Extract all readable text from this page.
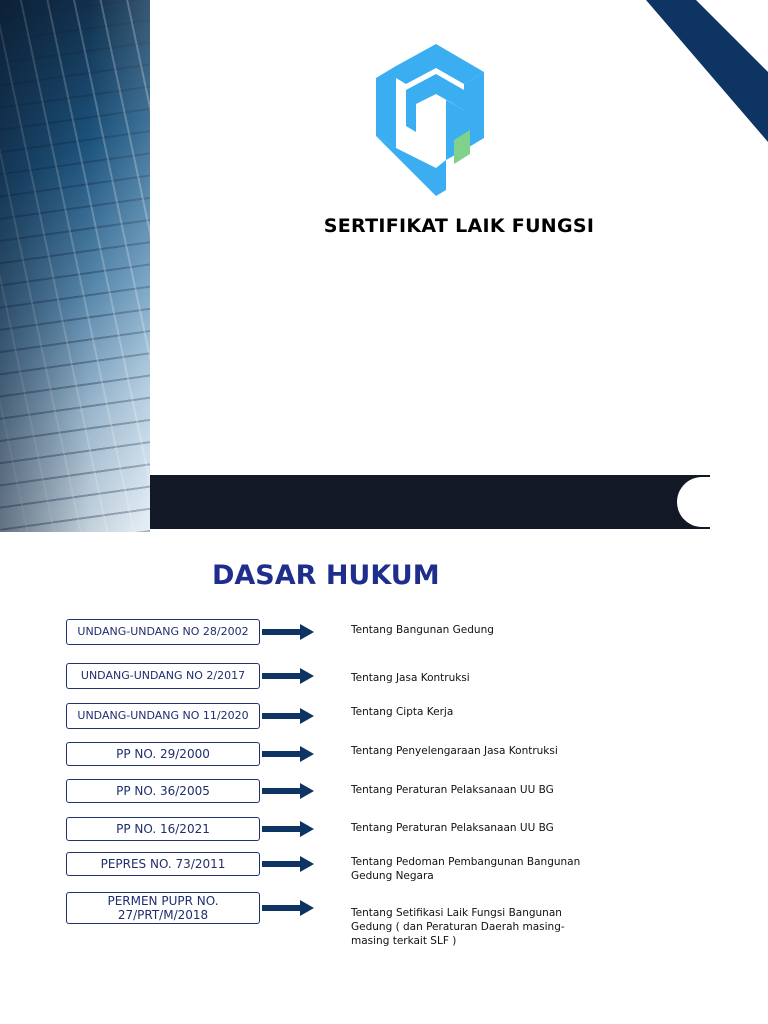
SERTIFIKAT LAIK FUNGSI
DASAR HUKUM
UNDANG-UNDANG NO 28/2002	Tentang Bangunan Gedung
UNDANG-UNDANG NO 2/2017	Tentang Jasa Kontruksi
UNDANG-UNDANG NO 11/2020	Tentang Cipta Kerja
PP NO. 29/2000	Tentang Penyelengaraan Jasa Kontruksi
PP NO. 36/2005	Tentang Peraturan Pelaksanaan UU BG
PP NO. 16/2021	Tentang Peraturan Pelaksanaan UU BG
PEPRES NO. 73/2011	Tentang Pedoman Pembangunan Bangunan Gedung Negara
PERMEN PUPR NO. 27/PRT/M/2018	Tentang Setifikasi Laik Fungsi Bangunan Gedung ( dan Peraturan Daerah masing-masing terkait SLF )
